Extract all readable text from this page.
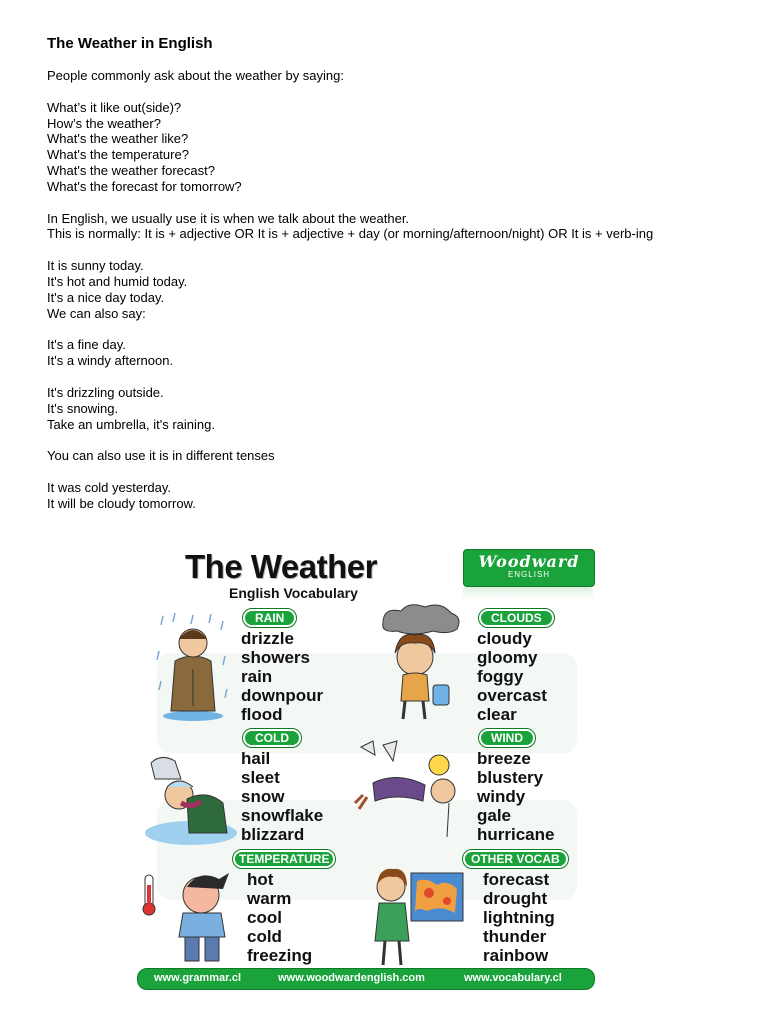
The Weather in English
People commonly ask about the weather by saying:
What’s it like out(side)?
How’s the weather?
What's the weather like?
What's the temperature?
What's the weather forecast?
What's the forecast for tomorrow?
In English, we usually use it is when we talk about the weather.
This is normally: It is + adjective OR It is + adjective + day (or morning/afternoon/night) OR It is + verb-ing
It is sunny today.
It's hot and humid today.
It's a nice day today.
We can also say:
It's a fine day.
It's a windy afternoon.
It's drizzling outside.
It's snowing.
Take an umbrella, it's raining.
You can also use it is in different tenses
It was cold yesterday.
It will be cloudy tomorrow.
The Weather
English Vocabulary
Woodward
ENGLISH
RAIN
drizzle
showers
rain
downpour
flood
CLOUDS
cloudy
gloomy
foggy
overcast
clear
COLD
hail
sleet
snow
snowflake
blizzard
WIND
breeze
blustery
windy
gale
hurricane
TEMPERATURE
hot
warm
cool
cold
freezing
OTHER VOCAB
forecast
drought
lightning
thunder
rainbow
www.grammar.cl	www.woodwardenglish.com	www.vocabulary.cl
